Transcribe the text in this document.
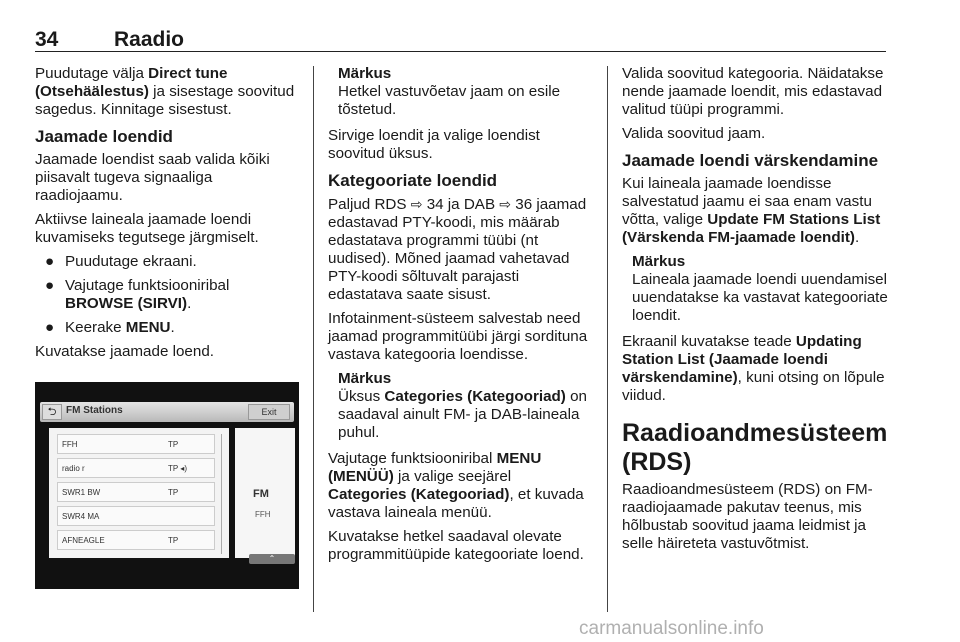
34	Raadio

Puudutage välja Direct tune (Otsehäälestus) ja sisestage soovitud sagedus. Kinnitage sisestust.

Jaamade loendid

Jaamade loendist saab valida kõiki piisavalt tugeva signaaliga raadiojaamu.

Aktiivse laineala jaamade loendi kuvamiseks tegutsege järgmiselt.

● Puudutage ekraani.
● Vajutage funktsiooniribal BROWSE (SIRVI).
● Keerake MENU.

Kuvatakse jaamade loend.

⮌ FM Stations	Exit
FFH	TP
radio r	TP ◂)
SWR1 BW	TP
SWR4 MA
AFNEAGLE	TP
FM
FFH
⌃
Märkus
Hetkel vastuvõetav jaam on esile tõstetud.

Sirvige loendit ja valige loendist soovitud üksus.

Kategooriate loendid

Paljud RDS ⇨ 34 ja DAB ⇨ 36 jaamad edastavad PTY-koodi, mis määrab edastatava programmi tüübi (nt uudised). Mõned jaamad vahetavad PTY-koodi sõltuvalt parajasti edastatava saate sisust.

Infotainment-süsteem salvestab need jaamad programmitüübi järgi sordituna vastava kategooria loendisse.

Märkus
Üksus Categories (Kategooriad) on saadaval ainult FM- ja DAB-laineala puhul.

Vajutage funktsiooniribal MENU (MENÜÜ) ja valige seejärel Categories (Kategooriad), et kuvada vastava laineala menüü.

Kuvatakse hetkel saadaval olevate programmitüüpide kategooriate loend.

Valida soovitud kategooria. Näidatakse nende jaamade loendit, mis edastavad valitud tüüpi programmi.

Valida soovitud jaam.

Jaamade loendi värskendamine

Kui laineala jaamade loendisse salvestatud jaamu ei saa enam vastu võtta, valige Update FM Stations List (Värskenda FM-jaamade loendit).

Märkus
Laineala jaamade loendi uuendamisel uuendatakse ka vastavat kategooriate loendit.

Ekraanil kuvatakse teade Updating Station List (Jaamade loendi värskendamine), kuni otsing on lõpule viidud.

Raadioandmesüsteem (RDS)

Raadioandmesüsteem (RDS) on FM-raadiojaamade pakutav teenus, mis hõlbustab soovitud jaama leidmist ja selle häireteta vastuvõtmist.

carmanualsonline.info
